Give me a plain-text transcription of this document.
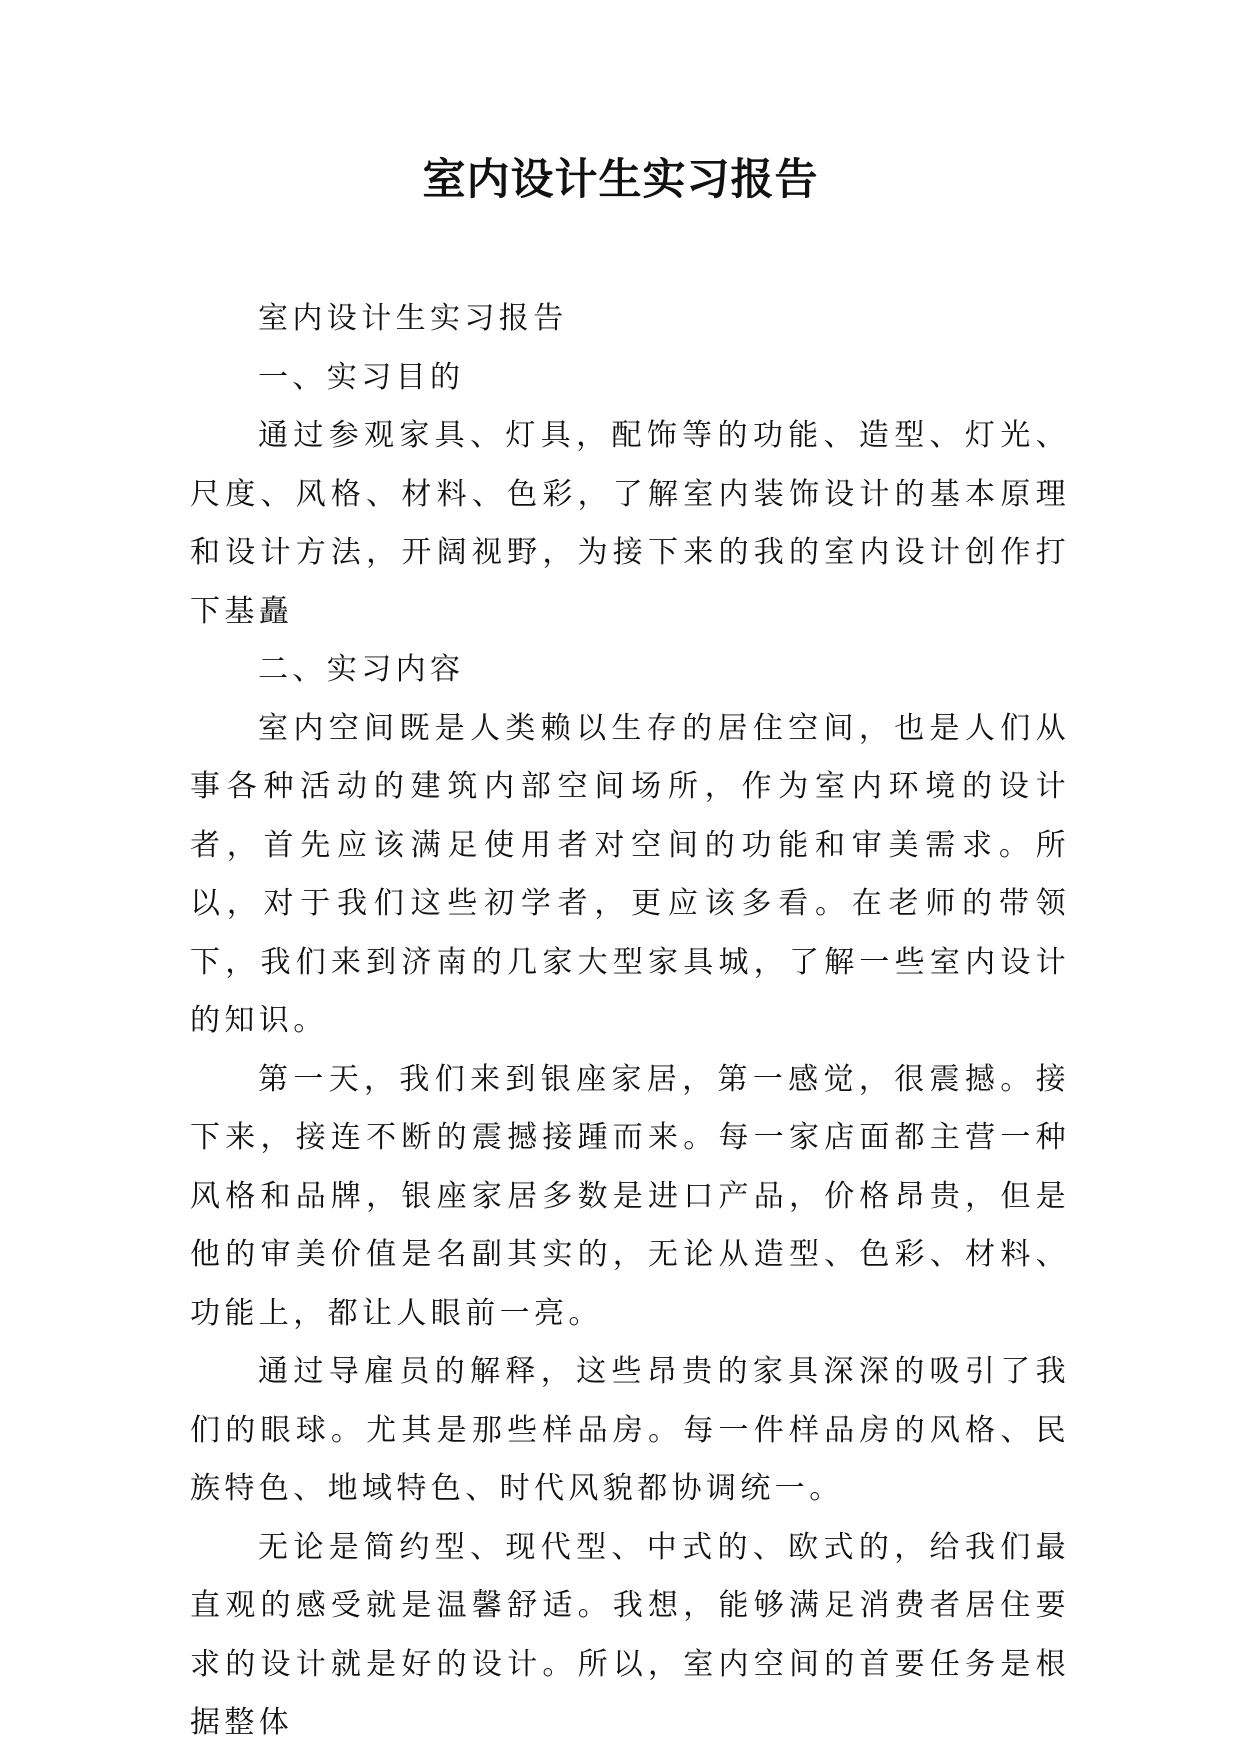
室内设计生实习报告

室内设计生实习报告

一、实习目的

通过参观家具、灯具，配饰等的功能、造型、灯光、尺度、风格、材料、色彩，了解室内装饰设计的基本原理和设计方法，开阔视野，为接下来的我的室内设计创作打下基矗

二、实习内容

室内空间既是人类赖以生存的居住空间，也是人们从事各种活动的建筑内部空间场所，作为室内环境的设计者，首先应该满足使用者对空间的功能和审美需求。所以，对于我们这些初学者，更应该多看。在老师的带领下，我们来到济南的几家大型家具城，了解一些室内设计的知识。

第一天，我们来到银座家居，第一感觉，很震撼。接下来，接连不断的震撼接踵而来。每一家店面都主营一种风格和品牌，银座家居多数是进口产品，价格昂贵，但是他的审美价值是名副其实的，无论从造型、色彩、材料、功能上，都让人眼前一亮。

通过导雇员的解释，这些昂贵的家具深深的吸引了我们的眼球。尤其是那些样品房。每一件样品房的风格、民族特色、地域特色、时代风貌都协调统一。

无论是简约型、现代型、中式的、欧式的，给我们最直观的感受就是温馨舒适。我想，能够满足消费者居住要求的设计就是好的设计。所以，室内空间的首要任务是根据整体
